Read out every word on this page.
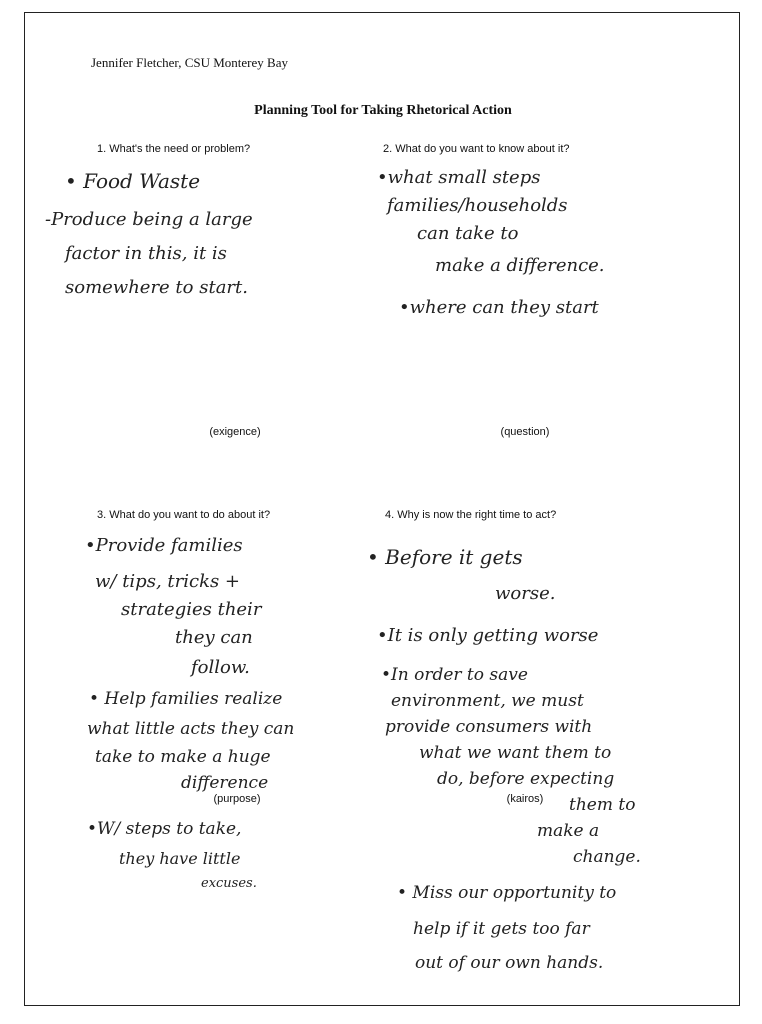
Jennifer Fletcher, CSU Monterey Bay
Planning Tool for Taking Rhetorical Action
1. What's the need or problem?
• Food Waste
-Produce being a large
factor in this, it is
somewhere to start.
(exigence)
2. What do you want to know about it?
•what small steps
families/households
can take to
make a difference.
•where can they start
(question)
3. What do you want to do about it?
•Provide families
w/ tips, tricks +
strategies their
they can
follow.
• Help families realize
what little acts they can
take to make a huge
difference
(purpose)
•W/ steps to take,
they have little
excuses.
4. Why is now the right time to act?
• Before it gets
worse.
•It is only getting worse
•In order to save
environment, we must
provide consumers with
what we want them to
do, before expecting
(kairos)	them to
make a
change.
• Miss our opportunity to
help if it gets too far
out of our own hands.
